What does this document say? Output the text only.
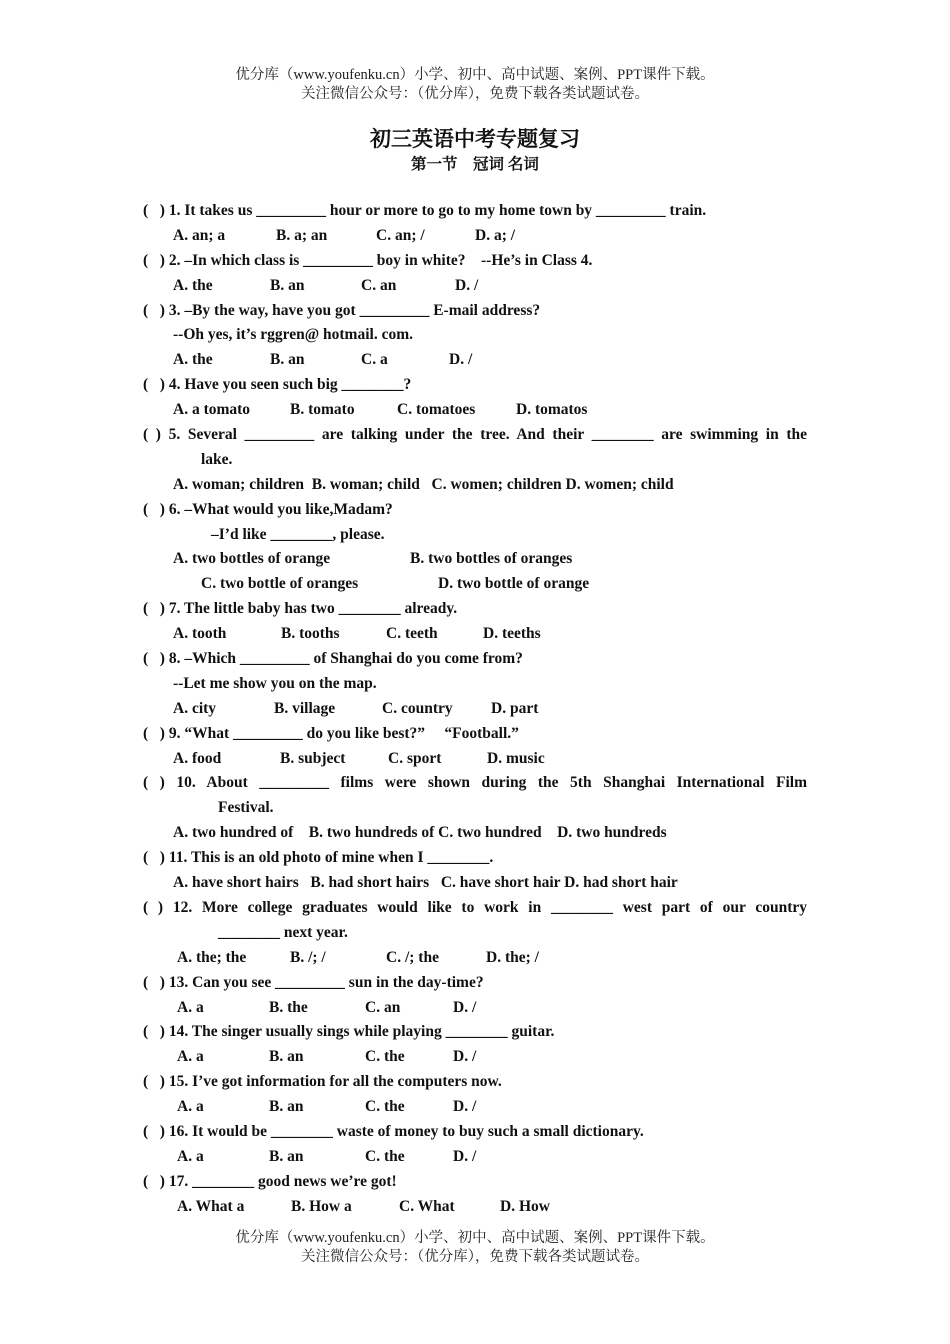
优分库（www.youfenku.cn）小学、初中、高中试题、案例、PPT课件下载。
关注微信公众号：（优分库），免费下载各类试题试卷。
初三英语中考专题复习
第一节　冠词 名词
(   ) 1. It takes us _________ hour or more to go to my home town by _________ train.
A. an; a	B. a; an	C. an; /	D. a; /
(   ) 2. –In which class is _________ boy in white?    --He’s in Class 4.
A. the	B. an	C. an	D. /
(   ) 3. –By the way, have you got _________ E-mail address?
--Oh yes, it’s rggren@ hotmail. com.
A. the	B. an	C. a	D. /
(   ) 4. Have you seen such big ________?
A. a tomato	B. tomato	C. tomatoes	D. tomatos
( ) 5. Several _________ are talking under the tree. And their ________ are swimming in the
lake.
A. woman; children  B. woman; child   C. women; children D. women; child
(   ) 6. –What would you like,Madam?
–I’d like ________, please.
A. two bottles of orange	B. two bottles of oranges
C. two bottle of oranges	D. two bottle of orange
(   ) 7. The little baby has two ________ already.
A. tooth	B. tooths	C. teeth	D. teeths
(   ) 8. –Which _________ of Shanghai do you come from?
--Let me show you on the map.
A. city	B. village	C. country D. part
(   ) 9. “What _________ do you like best?”     “Football.”
A. food	B. subject	C. sport	D. music
( ) 10. About _________ films were shown during the 5th Shanghai International Film
Festival.
A. two hundred of    B. two hundreds of C. two hundred    D. two hundreds
(   ) 11. This is an old photo of mine when I ________.
A. have short hairs   B. had short hairs   C. have short hair D. had short hair
( ) 12. More college graduates would like to work in ________ west part of our country
________ next year.
A. the; the	B. /; /	C. /; the	D. the; /
(   ) 13. Can you see _________ sun in the day-time?
A. a	B. the	C. an	D. /
(   ) 14. The singer usually sings while playing ________ guitar.
A. a	B. an	C. the	D. /
(   ) 15. I’ve got information for all the computers now.
A. a	B. an	C. the	D. /
(   ) 16. It would be ________ waste of money to buy such a small dictionary.
A. a	B. an	C. the	D. /
(   ) 17. ________ good news we’re got!
A. What a	B. How a	C. What	D. How
优分库（www.youfenku.cn）小学、初中、高中试题、案例、PPT课件下载。
关注微信公众号：（优分库），免费下载各类试题试卷。
